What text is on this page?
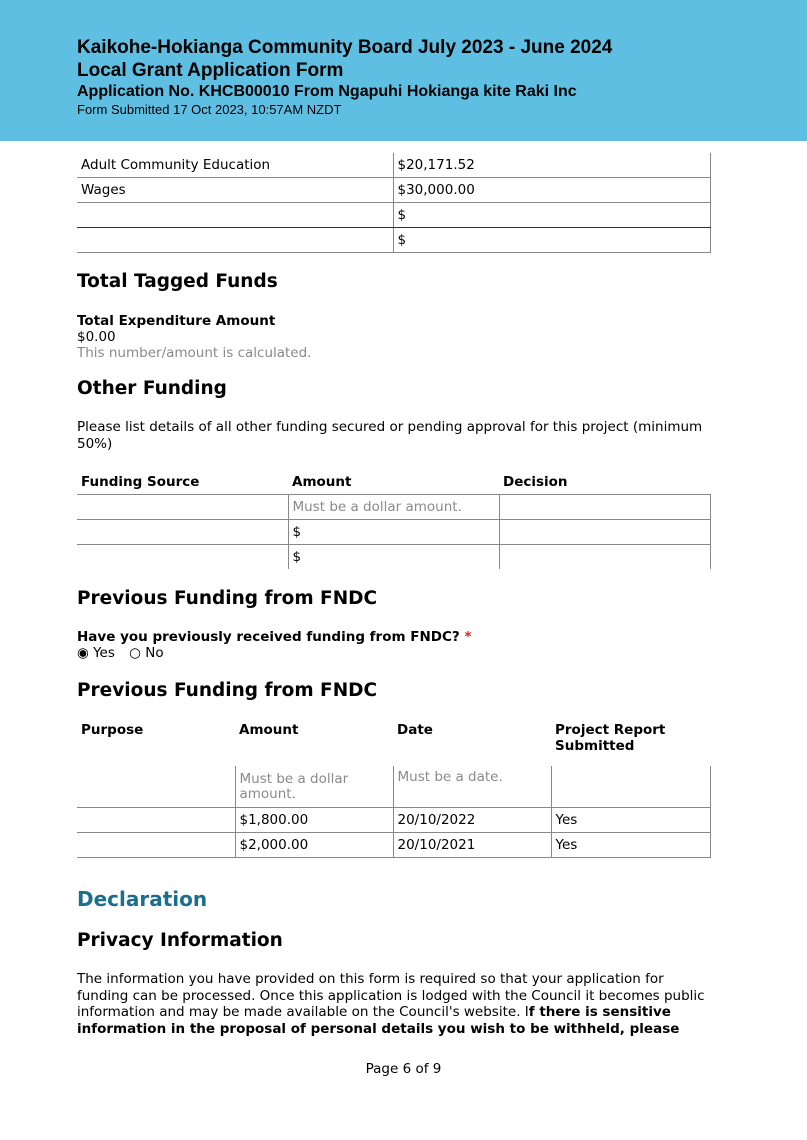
Kaikohe-Hokianga Community Board July 2023 - June 2024
Local Grant Application Form
Application No. KHCB00010 From Ngapuhi Hokianga kite Raki Inc
Form Submitted 17 Oct 2023, 10:57AM NZDT
Adult Community Education	$20,171.52
Wages	$30,000.00
	$
	$
Total Tagged Funds
Total Expenditure Amount
$0.00
This number/amount is calculated.
Other Funding
Please list details of all other funding secured or pending approval for this project (minimum 50%)
Funding Source	Amount	Decision
	Must be a dollar amount.	
	$	
	$	
Previous Funding from FNDC
Have you previously received funding from FNDC? *
◉ Yes ○ No
Previous Funding from FNDC
Purpose	Amount	Date	Project Report Submitted
	Must be a dollar amount.	Must be a date.	
	$1,800.00	20/10/2022	Yes
	$2,000.00	20/10/2021	Yes
Declaration
Privacy Information
The information you have provided on this form is required so that your application for funding can be processed. Once this application is lodged with the Council it becomes public information and may be made available on the Council's website. If there is sensitive information in the proposal of personal details you wish to be withheld, please
Page 6 of 9
